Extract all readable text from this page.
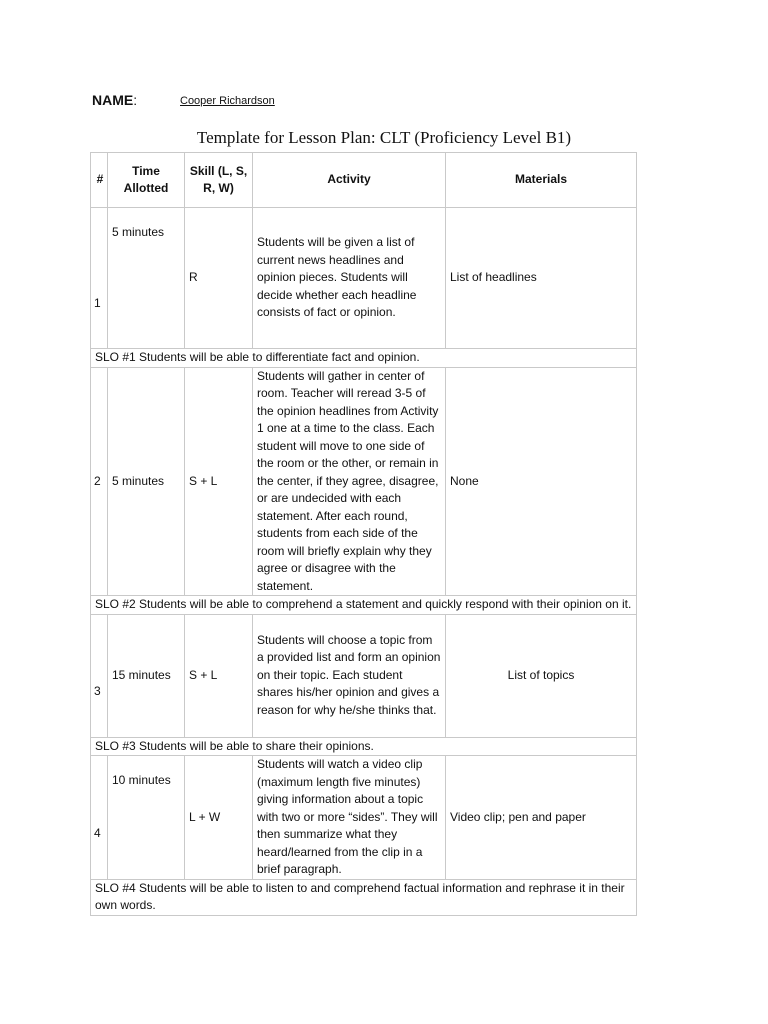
NAME:	Cooper Richardson
Template for Lesson Plan: CLT (Proficiency Level B1)
#	Time Allotted	Skill (L, S, R, W)	Activity	Materials
1	5 minutes	R	Students will be given a list of current news headlines and opinion pieces. Students will decide whether each headline consists of fact or opinion.	List of headlines
SLO #1 Students will be able to differentiate fact and opinion.				
2	5 minutes	S + L	Students will gather in center of room. Teacher will reread 3-5 of the opinion headlines from Activity 1 one at a time to the class. Each student will move to one side of the room or the other, or remain in the center, if they agree, disagree, or are undecided with each statement. After each round, students from each side of the room will briefly explain why they agree or disagree with the statement.	None
SLO #2 Students will be able to comprehend a statement and quickly respond with their opinion on it.				
3	15 minutes	S + L	Students will choose a topic from a provided list and form an opinion on their topic. Each student shares his/her opinion and gives a reason for why he/she thinks that.	List of topics
SLO #3 Students will be able to share their opinions.				
4	10 minutes	L + W	Students will watch a video clip (maximum length five minutes) giving information about a topic with two or more “sides”. They will then summarize what they heard/learned from the clip in a brief paragraph.	Video clip; pen and paper
SLO #4 Students will be able to listen to and comprehend factual information and rephrase it in their own words.				
